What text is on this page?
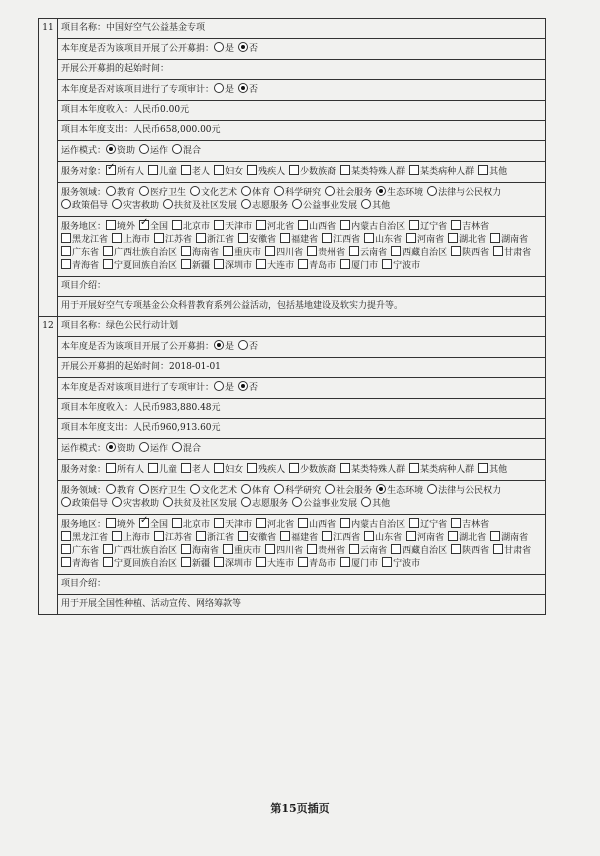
11 项目名称：中国好空气公益基金专项
本年度是否为该项目开展了公开募捐： 是 否
开展公开募捐的起始时间：
本年度是否对该项目进行了专项审计： 是 否
项目本年度收入：人民币0.00元
项目本年度支出：人民币658,000.00元
运作模式： 资助 运作 混合
服务对象： ✓ 所有人 儿童 老人 妇女 残疾人 少数族裔 某类特殊人群 某类病种人群 其他
服务领域： 教育 医疗卫生 文化艺术 体育 科学研究 社会服务 生态环境 法律与公民权力政策倡导 灾害救助 扶贫及社区发展 志愿服务 公益事业发展 其他
服务地区： 境外 ✓ 全国 北京市 天津市 河北省 山西省 内蒙古自治区 辽宁省 吉林省黑龙江省 上海市 江苏省 浙江省 安徽省 福建省 江西省 山东省 河南省 湖北省 湖南省广东省 广西壮族自治区 海南省 重庆市 四川省 贵州省 云南省 西藏自治区 陕西省 甘肃省青海省 宁夏回族自治区 新疆 深圳市 大连市 青岛市 厦门市 宁波市
项目介绍：
用于开展好空气专项基金公众科普教育系列公益活动，包括基地建设及软实力提升等。
12 项目名称：绿色公民行动计划
本年度是否为该项目开展了公开募捐： 是 否
开展公开募捐的起始时间：2018-01-01
本年度是否对该项目进行了专项审计： 是 否
项目本年度收入：人民币983,880.48元
项目本年度支出：人民币960,913.60元
运作模式： 资助 运作 混合
服务对象： 所有人 儿童 老人 妇女 残疾人 少数族裔 某类特殊人群 某类病种人群 其他
服务领域： 教育 医疗卫生 文化艺术 体育 科学研究 社会服务 生态环境 法律与公民权力政策倡导 灾害救助 扶贫及社区发展 志愿服务 公益事业发展 其他
服务地区： 境外 ✓ 全国 北京市 天津市 河北省 山西省 内蒙古自治区 辽宁省 吉林省黑龙江省 上海市 江苏省 浙江省 安徽省 福建省 江西省 山东省 河南省 湖北省 湖南省广东省 广西壮族自治区 海南省 重庆市 四川省 贵州省 云南省 西藏自治区 陕西省 甘肃省青海省 宁夏回族自治区 新疆 深圳市 大连市 青岛市 厦门市 宁波市
项目介绍：
用于开展全国性种植、活动宣传、网络筹款等
第15页插页
